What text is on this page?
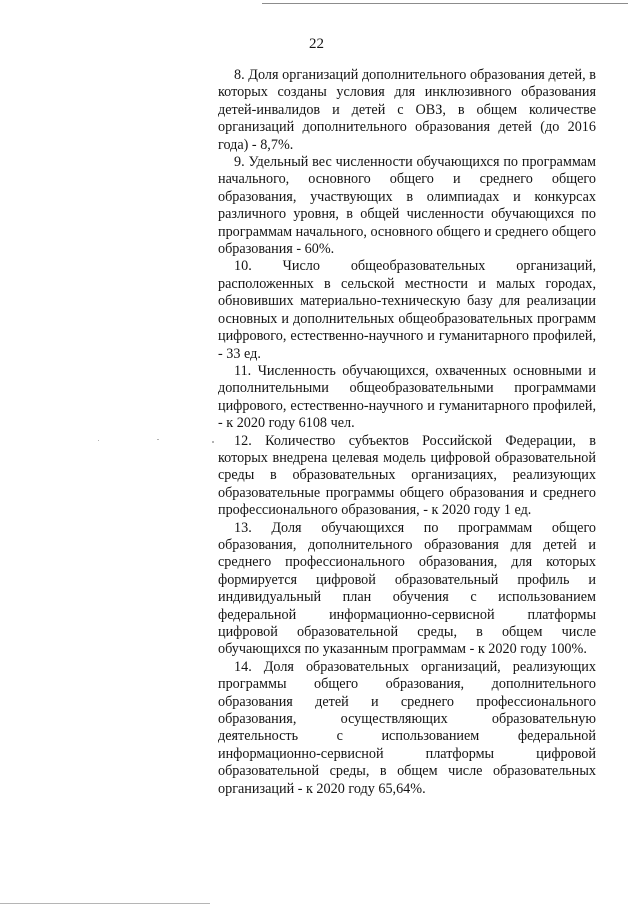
22

8. Доля организаций дополнительного образования детей, в которых созданы условия для инклюзивного образования детей-инвалидов и детей с ОВЗ, в общем количестве организаций дополнительного образования детей (до 2016 года) - 8,7%.

9. Удельный вес численности обучающихся по программам начального, основного общего и среднего общего образования, участвующих в олимпиадах и конкурсах различного уровня, в общей численности обучающихся по программам начального, основного общего и среднего общего образования - 60%.

10. Число общеобразовательных организаций, расположенных в сельской местности и малых городах, обновивших материально-техническую базу для реализации основных и дополнительных общеобразовательных программ цифрового, естественно-научного и гуманитарного профилей, - 33 ед.

11. Численность обучающихся, охваченных основными и дополнительными общеобразовательными программами цифрового, естественно-научного и гуманитарного профилей, - к 2020 году 6108 чел.

12. Количество субъектов Российской Федерации, в которых внедрена целевая модель цифровой образовательной среды в образовательных организациях, реализующих образовательные программы общего образования и среднего профессионального образования, - к 2020 году 1 ед.

13. Доля обучающихся по программам общего образования, дополнительного образования для детей и среднего профессионального образования, для которых формируется цифровой образовательный профиль и индивидуальный план обучения с использованием федеральной информационно-сервисной платформы цифровой образовательной среды, в общем числе обучающихся по указанным программам - к 2020 году 100%.

14. Доля образовательных организаций, реализующих программы общего образования, дополнительного образования детей и среднего профессионального образования, осуществляющих образовательную деятельность с использованием федеральной информационно-сервисной платформы цифровой образовательной среды, в общем числе образовательных организаций - к 2020 году 65,64%.
